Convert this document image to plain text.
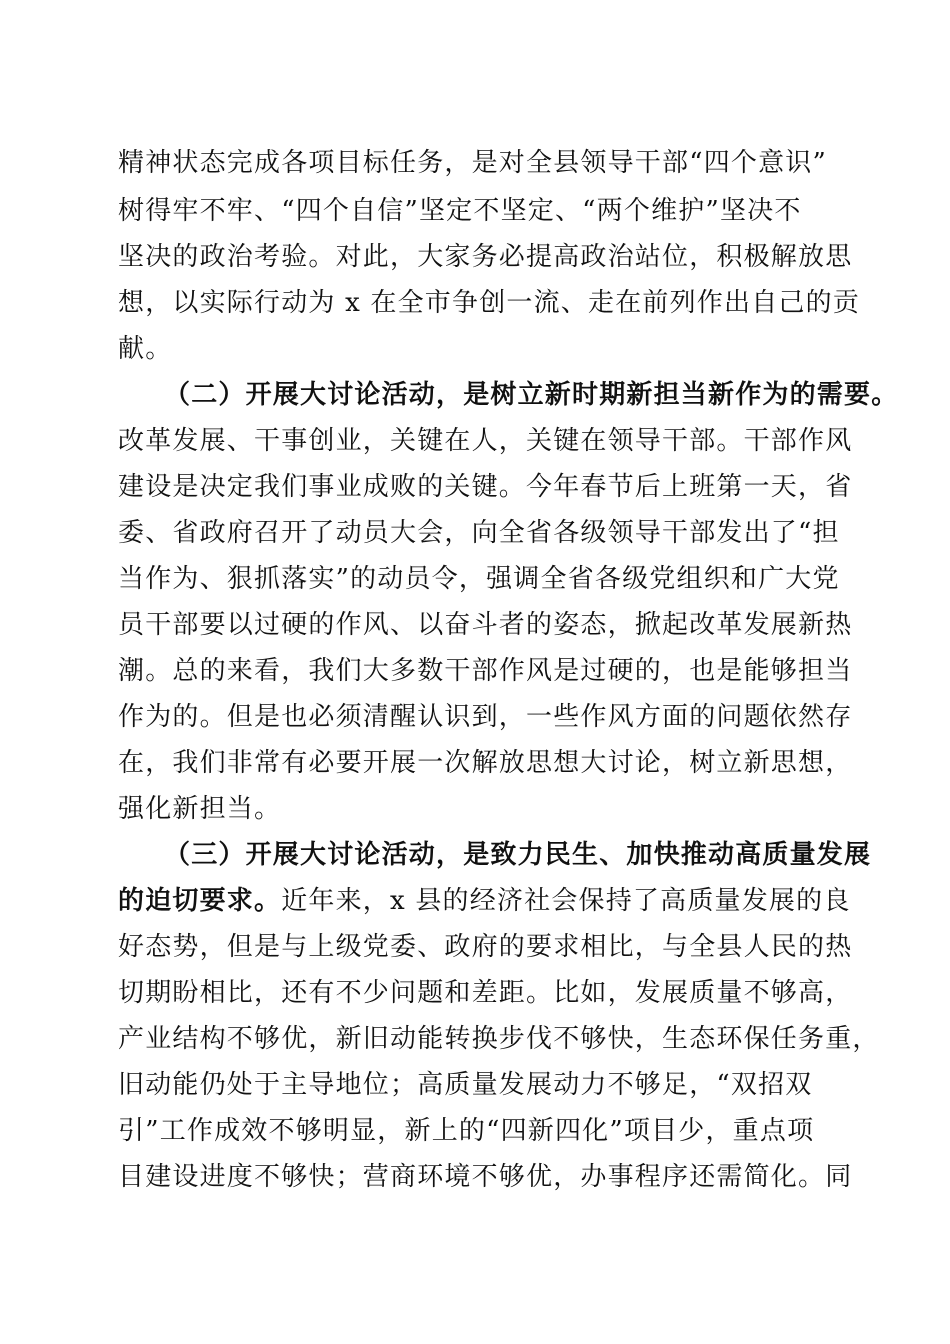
精神状态完成各项目标任务，是对全县领导干部“四个意识”
树得牢不牢、“四个自信”坚定不坚定、“两个维护”坚决不
坚决的政治考验。对此，大家务必提高政治站位，积极解放思
想，以实际行动为 x 在全市争创一流、走在前列作出自己的贡
献。
（二）开展大讨论活动，是树立新时期新担当新作为的需要。
改革发展、干事创业，关键在人，关键在领导干部。干部作风
建设是决定我们事业成败的关键。今年春节后上班第一天，省
委、省政府召开了动员大会，向全省各级领导干部发出了“担
当作为、狠抓落实”的动员令，强调全省各级党组织和广大党
员干部要以过硬的作风、以奋斗者的姿态，掀起改革发展新热
潮。总的来看，我们大多数干部作风是过硬的，也是能够担当
作为的。但是也必须清醒认识到，一些作风方面的问题依然存
在，我们非常有必要开展一次解放思想大讨论，树立新思想，
强化新担当。
（三）开展大讨论活动，是致力民生、加快推动高质量发展
的迫切要求。近年来，x 县的经济社会保持了高质量发展的良
好态势，但是与上级党委、政府的要求相比，与全县人民的热
切期盼相比，还有不少问题和差距。比如，发展质量不够高，
产业结构不够优，新旧动能转换步伐不够快，生态环保任务重，
旧动能仍处于主导地位；高质量发展动力不够足，“双招双
引”工作成效不够明显，新上的“四新四化”项目少，重点项
目建设进度不够快；营商环境不够优，办事程序还需简化。同
